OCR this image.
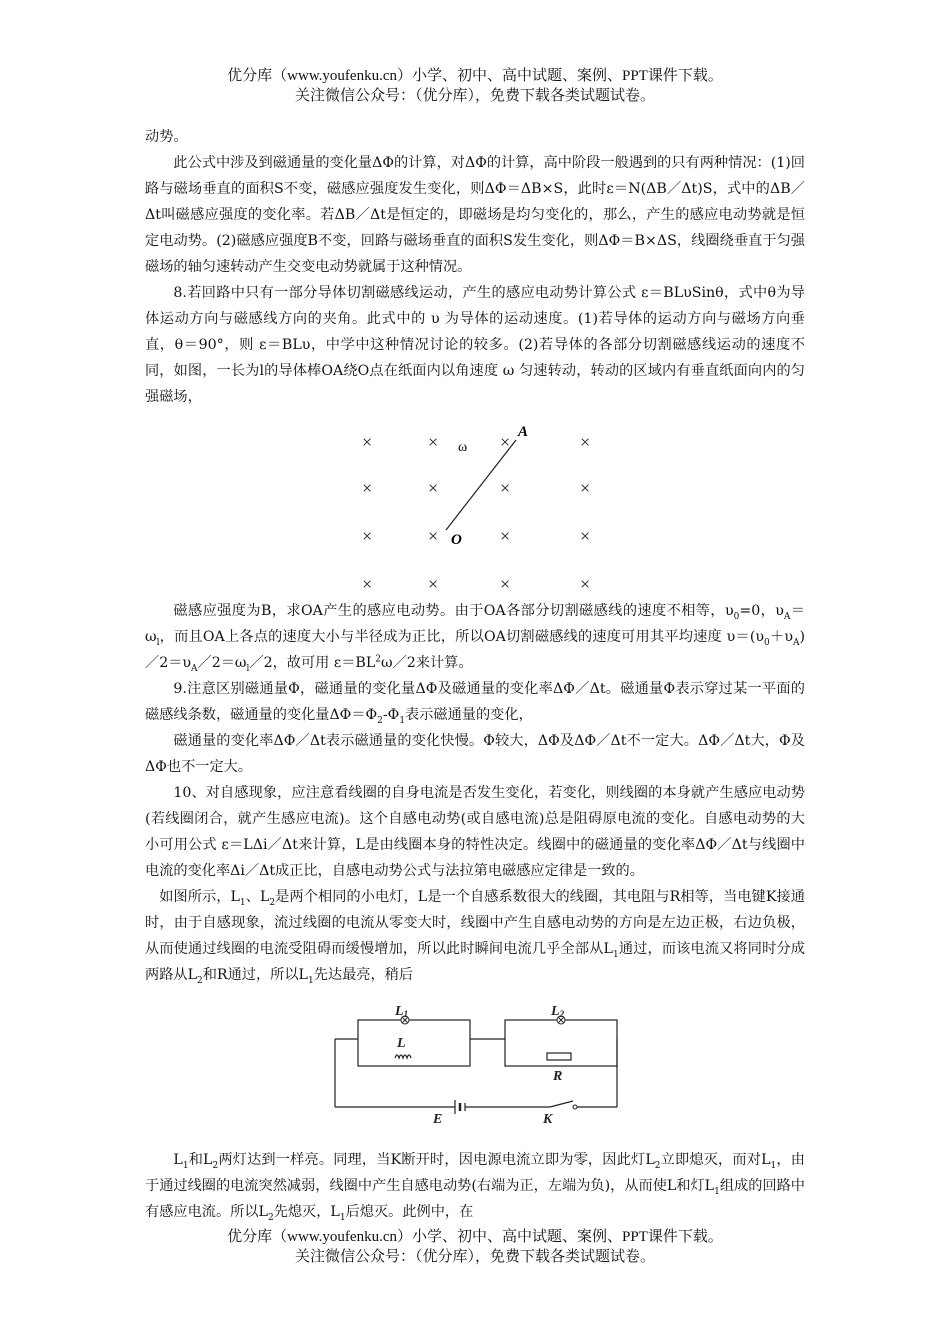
优分库（www.youfenku.cn）小学、初中、高中试题、案例、PPT课件下载。
关注微信公众号：（优分库），免费下载各类试题试卷。

动势。

此公式中涉及到磁通量的变化量ΔΦ的计算，对ΔΦ的计算，高中阶段一般遇到的只有两种情况：(1)回路与磁场垂直的面积S不变，磁感应强度发生变化，则ΔΦ＝ΔB×S，此时ε＝N(ΔB／Δt)S，式中的ΔB／Δt叫磁感应强度的变化率。若ΔB／Δt是恒定的，即磁场是均匀变化的，那么，产生的感应电动势就是恒定电动势。(2)磁感应强度B不变，回路与磁场垂直的面积S发生变化，则ΔΦ＝B×ΔS，线圈绕垂直于匀强磁场的轴匀速转动产生交变电动势就属于这种情况。

8.若回路中只有一部分导体切割磁感线运动，产生的感应电动势计算公式 ε＝BLυSinθ，式中θ为导体运动方向与磁感线方向的夹角。此式中的 υ 为导体的运动速度。(1)若导体的运动方向与磁场方向垂直，θ＝90°，则 ε＝BLυ，中学中这种情况讨论的较多。(2)若导体的各部分切割磁感线运动的速度不同，如图，一长为l的导体棒OA绕O点在纸面内以角速度 ω 匀速转动，转动的区域内有垂直纸面向内的匀强磁场，

×	×	×	×
×	×	×	×
×	×	×	×
×	×	×	×
A
O
ω

磁感应强度为B，求OA产生的感应电动势。由于OA各部分切割磁感线的速度不相等，$\upsilon_0=0$，$\upsilon_A=\omega_l$，而且OA上各点的速度大小与半径成为正比，所以OA切割磁感线的速度可用其平均速度 $\upsilon=(\upsilon_0+\upsilon_A)/2=\upsilon_A/2=\omega_l/2$，故可用 $\varepsilon=BL^2\omega/2$来计算。

9.注意区别磁通量Φ，磁通量的变化量ΔΦ及磁通量的变化率ΔΦ／Δt。磁通量Φ表示穿过某一平面的磁感线条数，磁通量的变化量$\Delta\Phi=\Phi_2-\Phi_1$表示磁通量的变化，

磁通量的变化率ΔΦ／Δt表示磁通量的变化快慢。Φ较大，ΔΦ及ΔΦ／Δt不一定大。ΔΦ／Δt大，Φ及ΔΦ也不一定大。

10、对自感现象，应注意看线圈的自身电流是否发生变化，若变化，则线圈的本身就产生感应电动势(若线圈闭合，就产生感应电流)。这个自感电动势(或自感电流)总是阻碍原电流的变化。自感电动势的大小可用公式 ε＝LΔi／Δt来计算，L是由线圈本身的特性决定。线圈中的磁通量的变化率ΔΦ／Δt与线圈中电流的变化率Δi／Δt成正比，自感电动势公式与法拉第电磁感应定律是一致的。

如图所示，$L_1$、$L_2$是两个相同的小电灯，L是一个自感系数很大的线圈，其电阻与R相等，当电键K接通时，由于自感现象，流过线圈的电流从零变大时，线圈中产生自感电动势的方向是左边正极，右边负极，从而使通过线圈的电流受阻碍而缓慢增加，所以此时瞬间电流几乎全部从$L_1$通过，而该电流又将同时分成两路从$L_2$和R通过，所以$L_1$先达最亮，稍后

L1	L2
L
R
E	K

$L_1$和$L_2$两灯达到一样亮。同理，当K断开时，因电源电流立即为零，因此灯$L_2$立即熄灭，而对$L_1$，由于通过线圈的电流突然减弱，线圈中产生自感电动势(右端为正，左端为负)，从而使L和灯$L_1$组成的回路中有感应电流。所以$L_2$先熄灭，$L_1$后熄灭。此例中，在

优分库（www.youfenku.cn）小学、初中、高中试题、案例、PPT课件下载。
关注微信公众号：（优分库），免费下载各类试题试卷。
